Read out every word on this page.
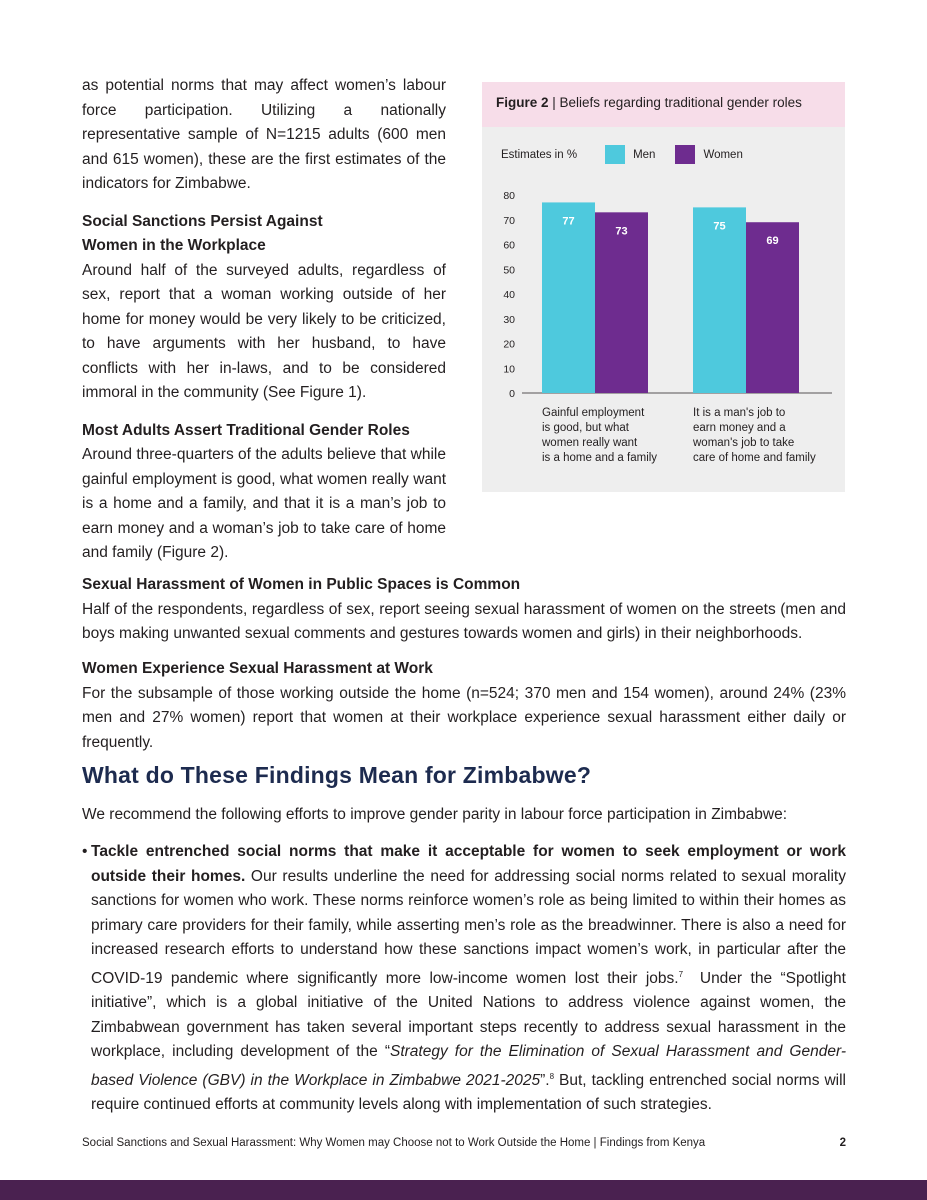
as potential norms that may affect women’s labour force participation. Utilizing a nationally representative sample of N=1215 adults (600 men and 615 women), these are the first estimates of the indicators for Zimbabwe.

Social Sanctions Persist Against
Women in the Workplace
Around half of the surveyed adults, regardless of sex, report that a woman working outside of her home for money would be very likely to be criticized, to have arguments with her husband, to have conflicts with her in-laws, and to be considered immoral in the community (See Figure 1).

Most Adults Assert Traditional Gender Roles
Around three-quarters of the adults believe that while gainful employment is good, what women really want is a home and a family, and that it is a man’s job to earn money and a woman’s job to take care of home and family (Figure 2).

Figure 2 | Beliefs regarding traditional gender roles
Estimates in %	Men	Women
0
10
20
30
40
50
60
70
80
77
73
Gainful employment
is good, but what
women really want
is a home and a family
75
69
It is a man's job to
earn money and a
woman's job to take
care of home and family

Sexual Harassment of Women in Public Spaces is Common
Half of the respondents, regardless of sex, report seeing sexual harassment of women on the streets (men and boys making unwanted sexual comments and gestures towards women and girls) in their neighborhoods.

Women Experience Sexual Harassment at Work
For the subsample of those working outside the home (n=524; 370 men and 154 women), around 24% (23% men and 27% women) report that women at their workplace experience sexual harassment either daily or frequently.

What do These Findings Mean for Zimbabwe?
We recommend the following efforts to improve gender parity in labour force participation in Zimbabwe:
• Tackle entrenched social norms that make it acceptable for women to seek employment or work outside their homes. Our results underline the need for addressing social norms related to sexual morality sanctions for women who work. These norms reinforce women’s role as being limited to within their homes as primary care providers for their family, while asserting men’s role as the breadwinner. There is also a need for increased research efforts to understand how these sanctions impact women’s work, in particular after the COVID-19 pandemic where significantly more low-income women lost their jobs.$^7$  Under the “Spotlight initiative”, which is a global initiative of the United Nations to address violence against women, the Zimbabwean government has taken several important steps recently to address sexual harassment in the workplace, including development of the “Strategy for the Elimination of Sexual Harassment and Gender-based Violence (GBV) in the Workplace in Zimbabwe 2021-2025”.$^8$ But, tackling entrenched social norms will require continued efforts at community levels along with implementation of such strategies.
Social Sanctions and Sexual Harassment: Why Women may Choose not to Work Outside the Home | Findings from Kenya	2
